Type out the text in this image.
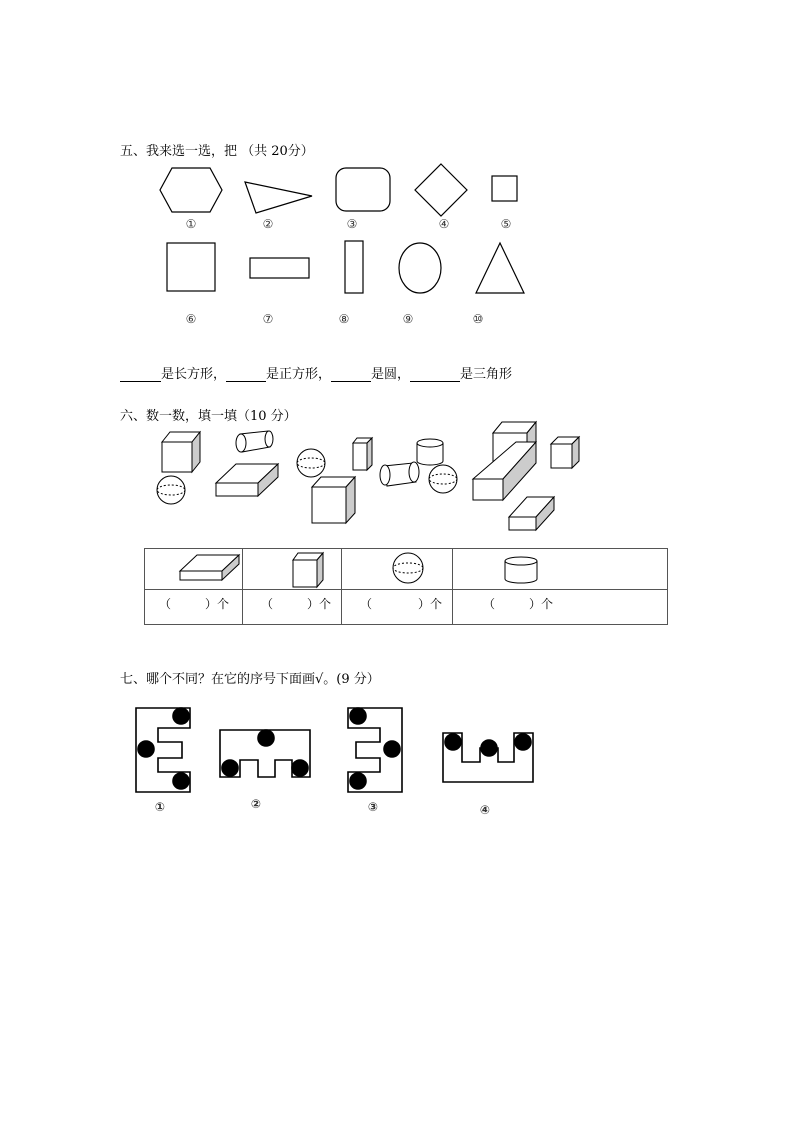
五、我来选一选，把 （共 20分）
①	②	③	④	⑤
⑥	⑦	⑧	⑨	⑩
是长方形，	是正方形，	是圆，	是三角形
六、数一数，填一填（10 分）

（ ）个	（ ）个	（ ）个	（ ）个
七、哪个不同？在它的序号下面画√。(9 分）
①	②	③	④
